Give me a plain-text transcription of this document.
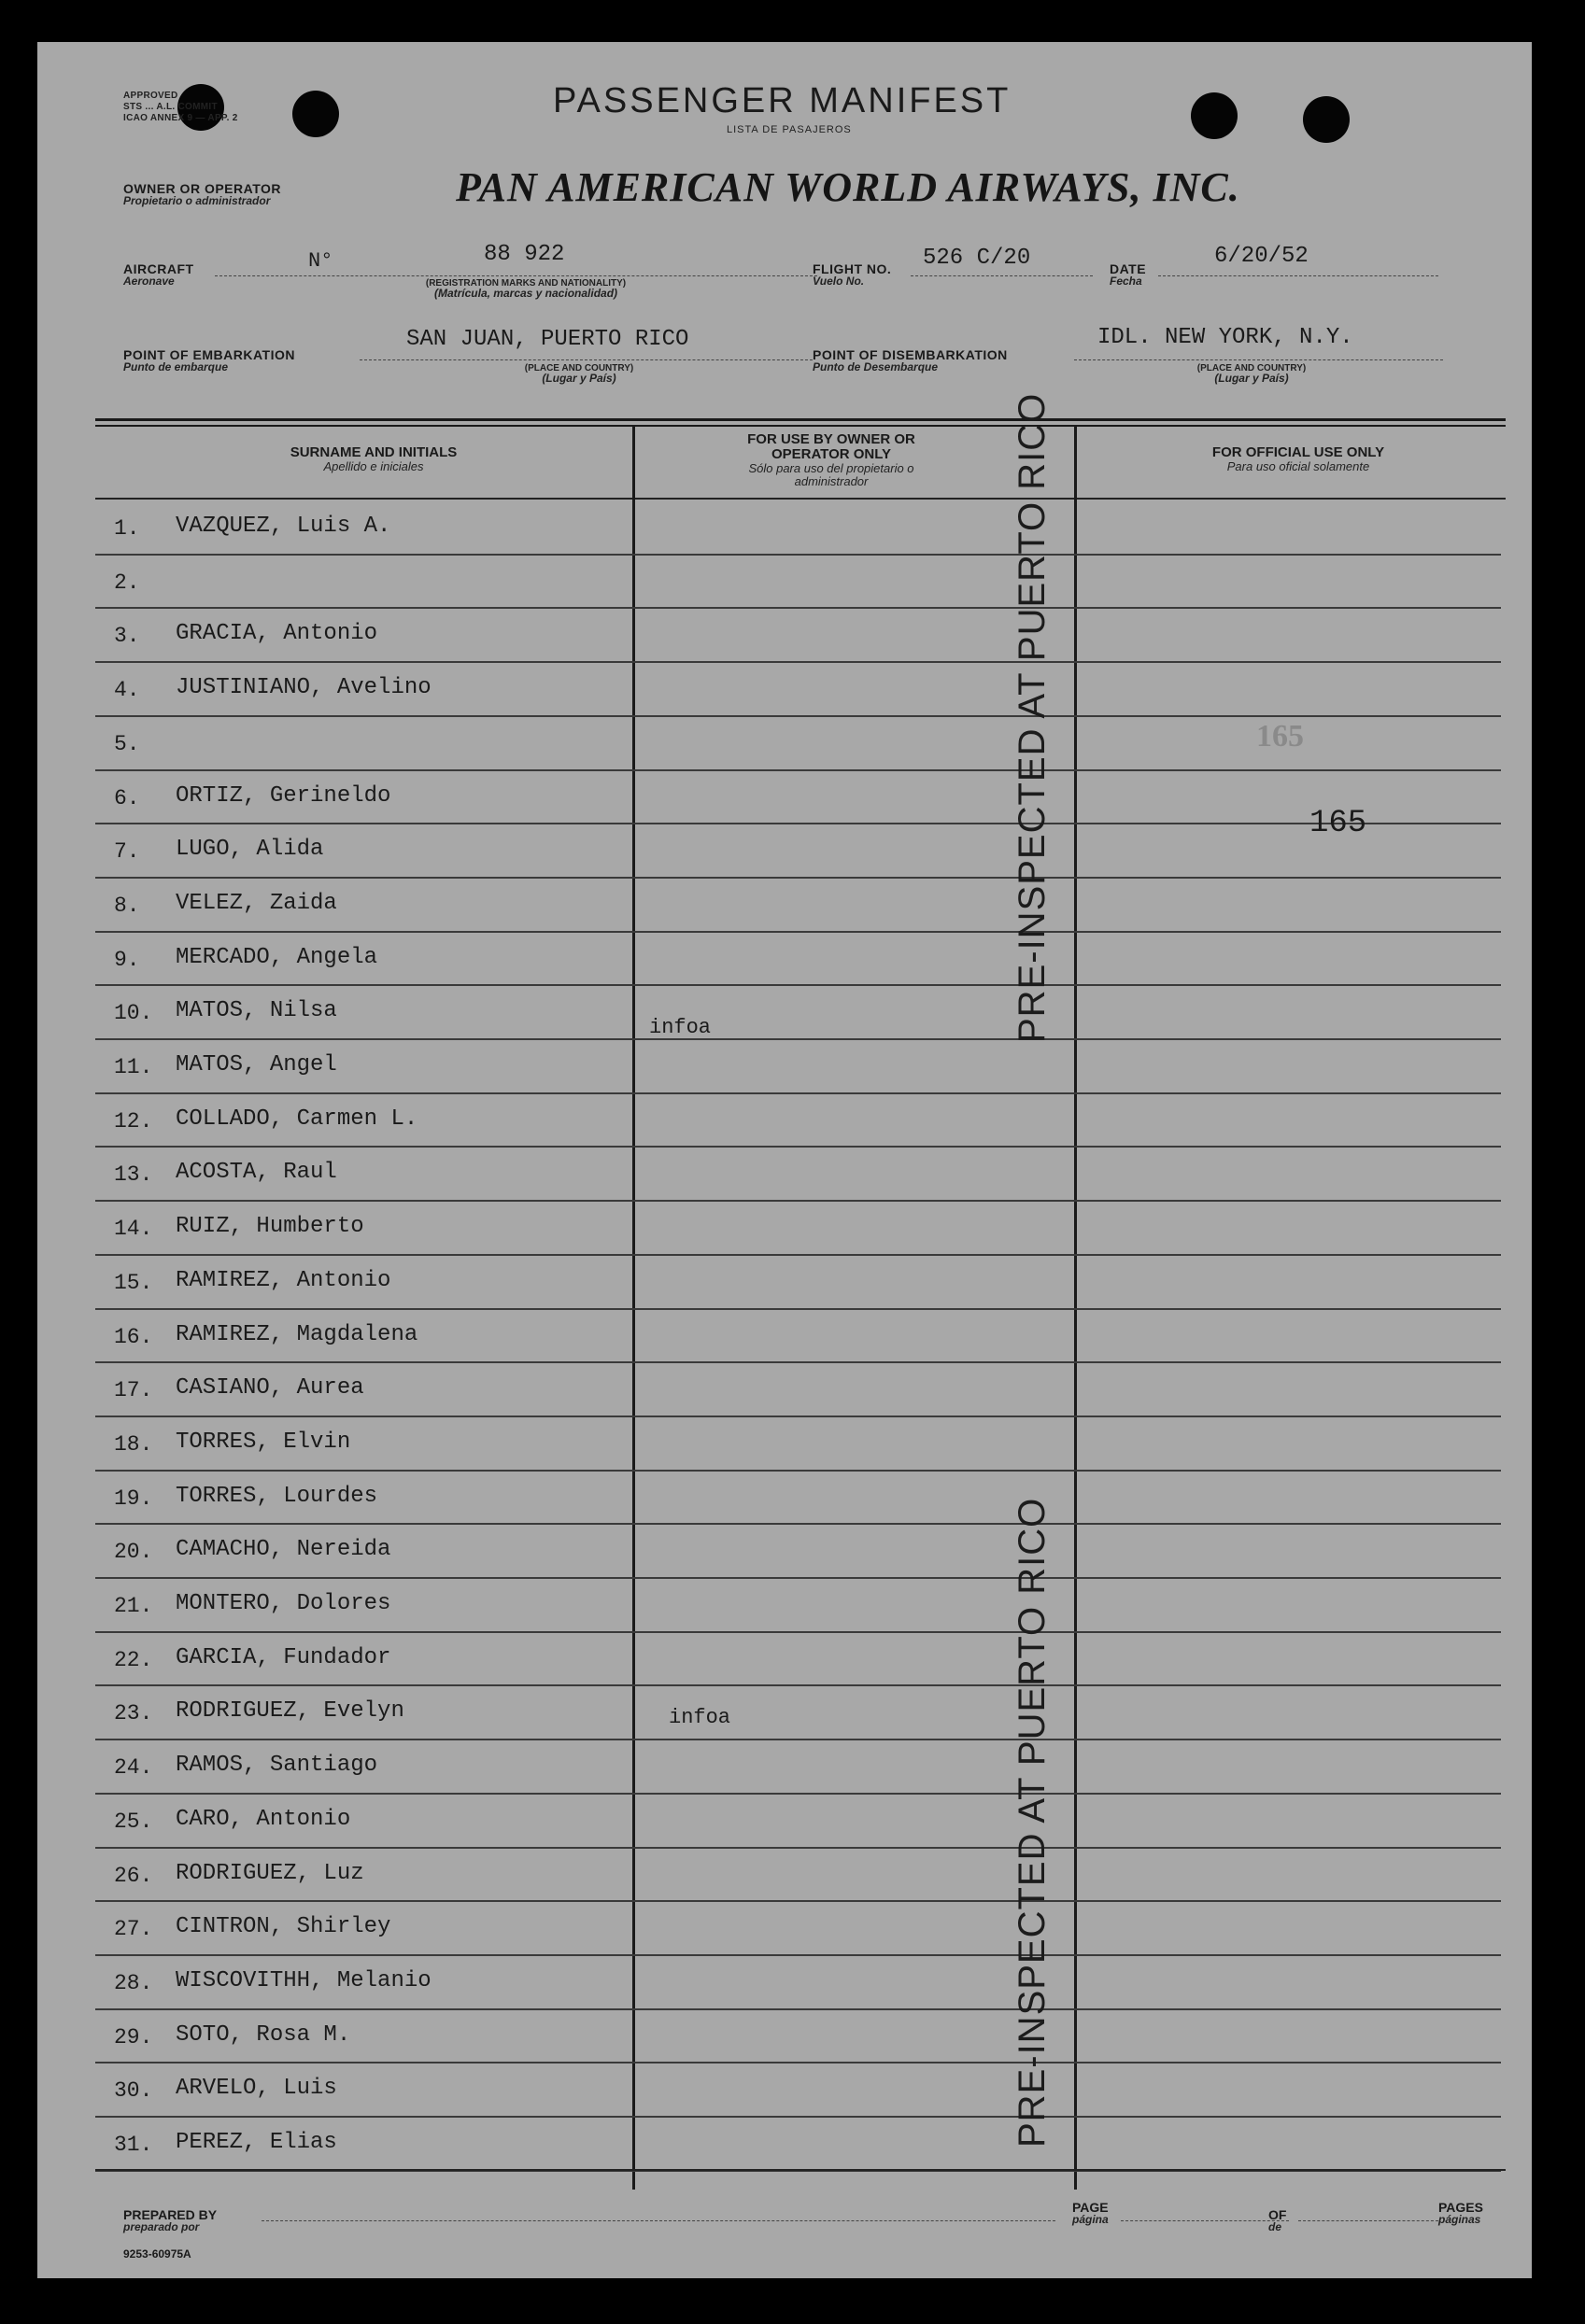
APPROVED
STS ... A.L. COMMIT
ICAO ANNEX 9 — APP. 2	PASSENGER MANIFEST
LISTA DE PASAJEROS
OWNER OR OPERATOR
Propietario o administrador	PAN AMERICAN WORLD AIRWAYS, INC.
AIRCRAFT
Aeronave
N°	88 922
(REGISTRATION MARKS AND NATIONALITY)
(Matrícula, marcas y nacionalidad)
FLIGHT NO.
Vuelo No.
526 C/20	DATE
Fecha
6/20/52
POINT OF EMBARKATION
Punto de embarque
SAN JUAN, PUERTO RICO
(PLACE AND COUNTRY)
(Lugar y País)
POINT OF DISEMBARKATION
Punto de Desembarque
IDL. NEW YORK, N.Y.
(PLACE AND COUNTRY)
(Lugar y País)
SURNAME AND INITIALS
Apellido e iniciales
FOR USE BY OWNER OR OPERATOR ONLY
Sólo para uso del propietario o administrador
FOR OFFICIAL USE ONLY
Para uso oficial solamente
1.	VAZQUEZ, Luis A.
2.
3.	GRACIA, Antonio
4.	JUSTINIANO, Avelino
5.
6.	ORTIZ, Gerineldo
7.	LUGO, Alida
8.	VELEZ, Zaida
9.	MERCADO, Angela
10.	MATOS, Nilsa
11.	MATOS, Angel
12.	COLLADO, Carmen L.
13.	ACOSTA, Raul
14.	RUIZ, Humberto
15.	RAMIREZ, Antonio
16.	RAMIREZ, Magdalena
17.	CASIANO, Aurea
18.	TORRES, Elvin
19.	TORRES, Lourdes
20.	CAMACHO, Nereida
21.	MONTERO, Dolores
22.	GARCIA, Fundador
23.	RODRIGUEZ, Evelyn
24.	RAMOS, Santiago
25.	CARO, Antonio
26.	RODRIGUEZ, Luz
27.	CINTRON, Shirley
28.	WISCOVITHH, Melanio
29.	SOTO, Rosa M.
30.	ARVELO, Luis
31.	PEREZ, Elias
infoa
infoa
165
165
PRE-INSPECTED AT PUERTO RICO
PRE-INSPECTED AT PUERTO RICO
PREPARED BY
preparado por
PAGE
página	OF
de
PAGES
páginas
9253-60975A
